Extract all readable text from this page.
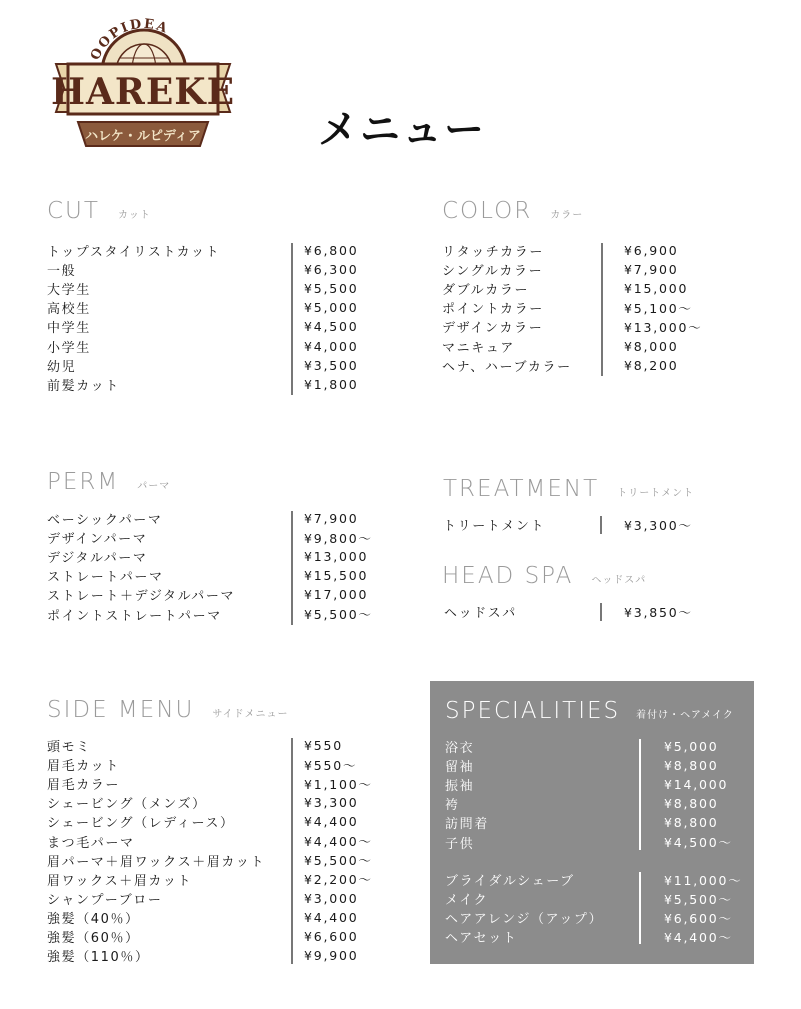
OOPIDEA
HAREKE
ハレケ・ルピディア	メニュー
CUT カット
トップスタイリストカット	¥6,800
一般	¥6,300
大学生	¥5,500
高校生	¥5,000
中学生	¥4,500
小学生	¥4,000
幼児	¥3,500
前髪カット	¥1,800
COLOR カラー
リタッチカラー	¥6,900
シングルカラー	¥7,900
ダブルカラー	¥15,000
ポイントカラー	¥5,100～
デザインカラー	¥13,000～
マニキュア	¥8,000
ヘナ、ハーブカラー	¥8,200
PERM パーマ
ベーシックパーマ	¥7,900
デザインパーマ	¥9,800～
デジタルパーマ	¥13,000
ストレートパーマ	¥15,500
ストレート＋デジタルパーマ	¥17,000
ポイントストレートパーマ	¥5,500～
TREATMENT トリートメント
トリートメント	¥3,300～
HEAD SPA ヘッドスパ
ヘッドスパ	¥3,850～
SIDE MENU サイドメニュー
頭モミ	¥550
眉毛カット	¥550～
眉毛カラー	¥1,100～
シェービング（メンズ）	¥3,300
シェービング（レディース）	¥4,400
まつ毛パーマ	¥4,400～
眉パーマ＋眉ワックス＋眉カット	¥5,500～
眉ワックス＋眉カット	¥2,200～
シャンプーブロー	¥3,000
強髪（40％）	¥4,400
強髪（60％）	¥6,600
強髪（110％）	¥9,900
SPECIALITIES 着付け・ヘアメイク
浴衣	¥5,000
留袖	¥8,800
振袖	¥14,000
袴	¥8,800
訪問着	¥8,800
子供	¥4,500～
ブライダルシェーブ	¥11,000～
メイク	¥5,500～
ヘアアレンジ（アップ）	¥6,600～
ヘアセット	¥4,400～
